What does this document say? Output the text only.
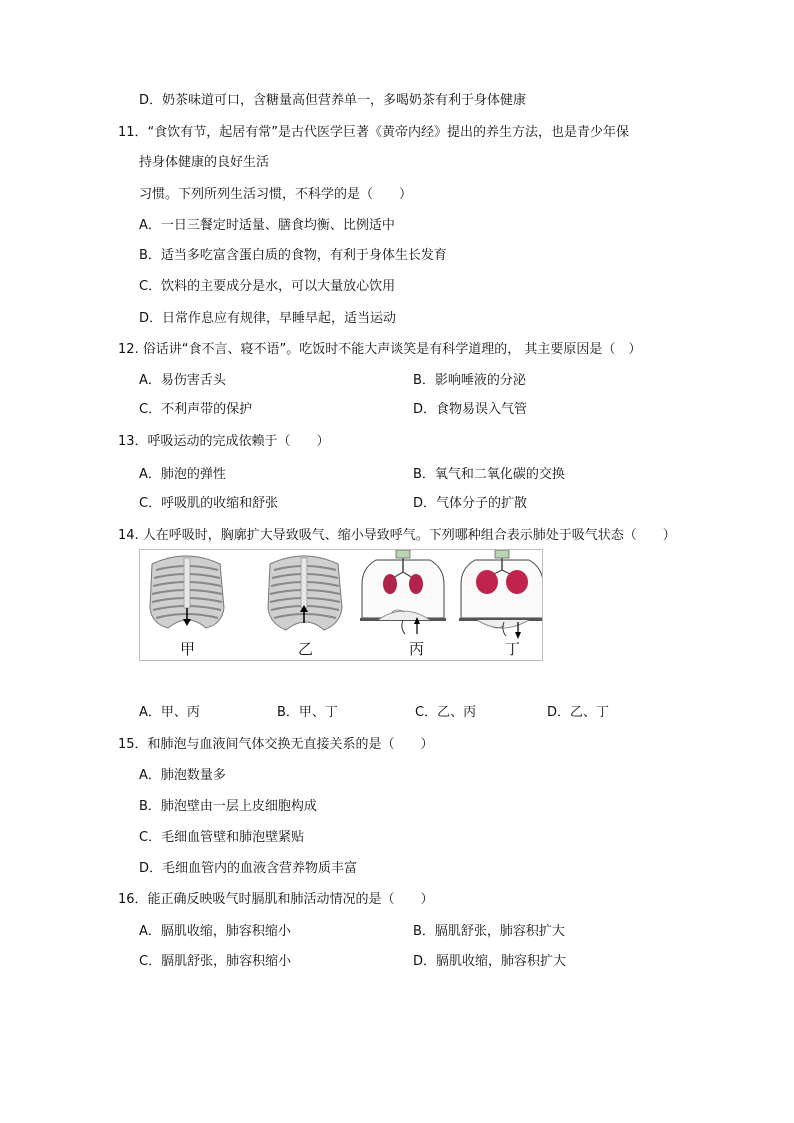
D．奶茶味道可口，含糖量高但营养单一，多喝奶茶有利于身体健康
11．“食饮有节，起居有常”是古代医学巨著《黄帝内经》提出的养生方法，也是青少年保
持身体健康的良好生活
习惯。下列所列生活习惯，不科学的是（　　）
A．一日三餐定时适量、膳食均衡、比例适中
B．适当多吃富含蛋白质的食物，有利于身体生长发育
C．饮料的主要成分是水，可以大量放心饮用
D．日常作息应有规律，早睡早起，适当运动
12. 俗话讲“食不言、寝不语”。吃饭时不能大声谈笑是有科学道理的， 其主要原因是（　）
A．易伤害舌头	B．影响唾液的分泌
C．不利声带的保护	D．食物易误入气管
13．呼吸运动的完成依赖于（　　）
A．肺泡的弹性	B．氧气和二氧化碳的交换
C．呼吸肌的收缩和舒张	D．气体分子的扩散
14. 人在呼吸时，胸廓扩大导致吸气、缩小导致呼气。下列哪种组合表示肺处于吸气状态（　　）
甲	乙	丙	丁
A．甲、丙	B．甲、丁	C．乙、丙	D．乙、丁
15．和肺泡与血液间气体交换无直接关系的是（　　）
A．肺泡数量多
B．肺泡壁由一层上皮细胞构成
C．毛细血管壁和肺泡壁紧贴
D．毛细血管内的血液含营养物质丰富
16．能正确反映吸气时膈肌和肺活动情况的是（　　）
A．膈肌收缩，肺容积缩小	B．膈肌舒张，肺容积扩大
C．膈肌舒张，肺容积缩小	D．膈肌收缩，肺容积扩大
